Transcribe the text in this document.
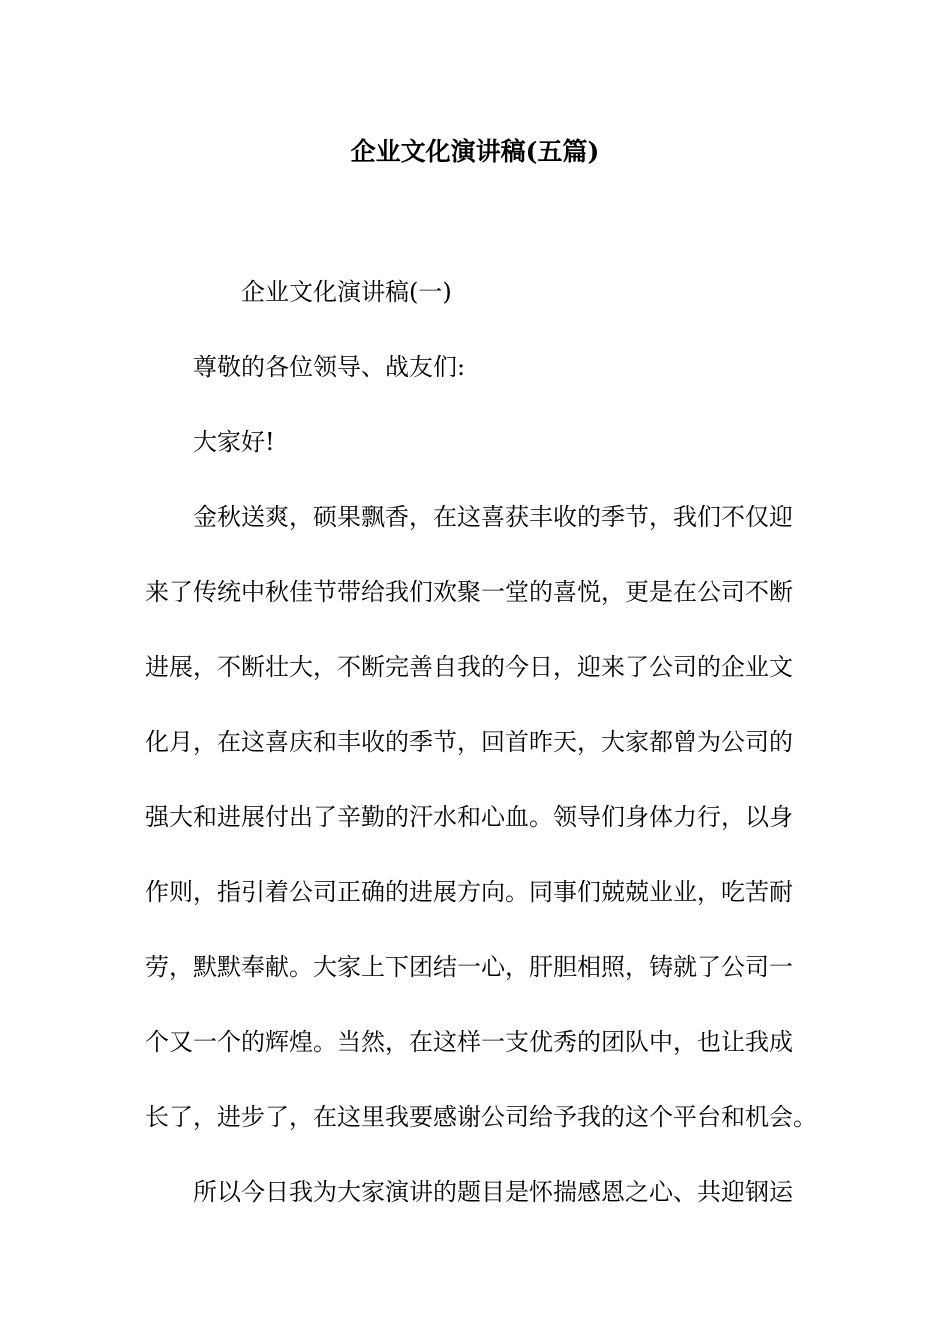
企业文化演讲稿(五篇)

企业文化演讲稿(一)

尊敬的各位领导、战友们:

大家好!

金秋送爽，硕果飘香，在这喜获丰收的季节，我们不仅迎
来了传统中秋佳节带给我们欢聚一堂的喜悦，更是在公司不断
进展，不断壮大，不断完善自我的今日，迎来了公司的企业文
化月，在这喜庆和丰收的季节，回首昨天，大家都曾为公司的
强大和进展付出了辛勤的汗水和心血。领导们身体力行，以身
作则，指引着公司正确的进展方向。同事们兢兢业业，吃苦耐
劳，默默奉献。大家上下团结一心，肝胆相照，铸就了公司一
个又一个的辉煌。当然，在这样一支优秀的团队中，也让我成
长了，进步了，在这里我要感谢公司给予我的这个平台和机会。

所以今日我为大家演讲的题目是怀揣感恩之心、共迎钢运
